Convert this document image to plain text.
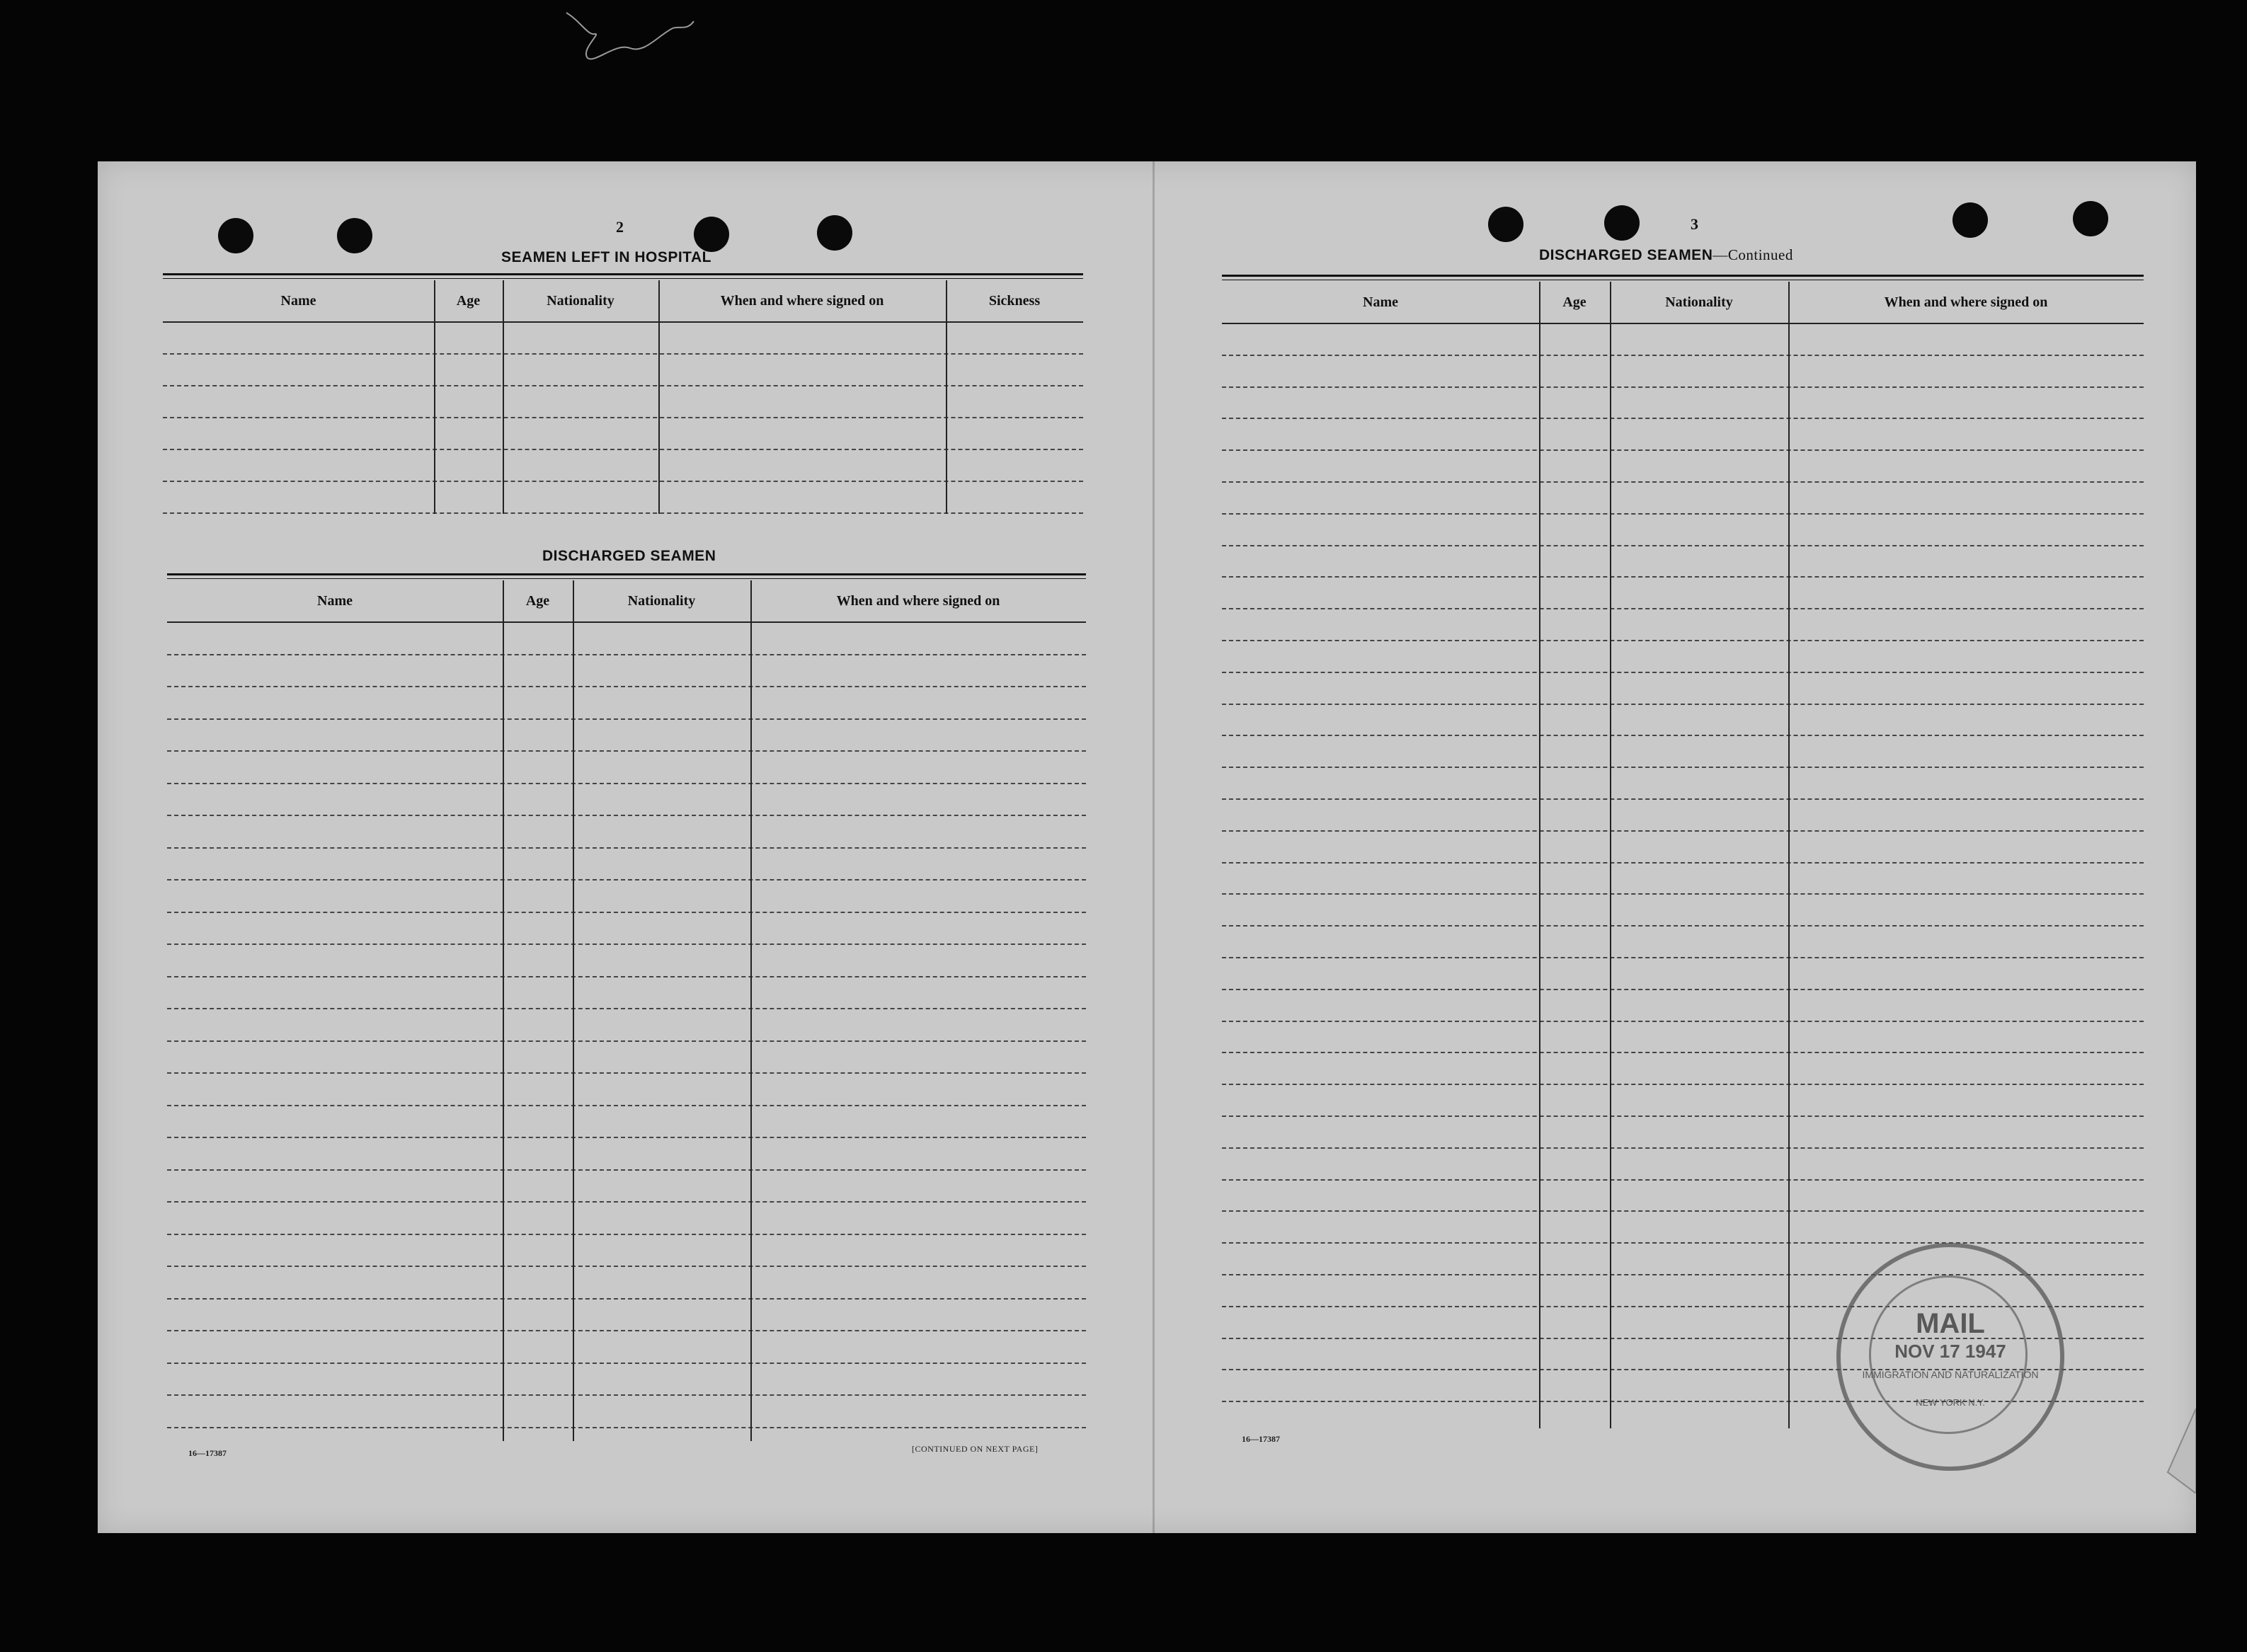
2
SEAMEN LEFT IN HOSPITAL
Name	Age	Nationality	When and where signed on	Sickness
DISCHARGED SEAMEN
Name	Age	Nationality	When and where signed on
16—17387	[CONTINUED ON NEXT PAGE]
3
DISCHARGED SEAMEN—Continued
Name	Age	Nationality	When and where signed on
16—17387
MAIL
NOV 17 1947
IMMIGRATION AND NATURALIZATION
NEW YORK N.Y.
